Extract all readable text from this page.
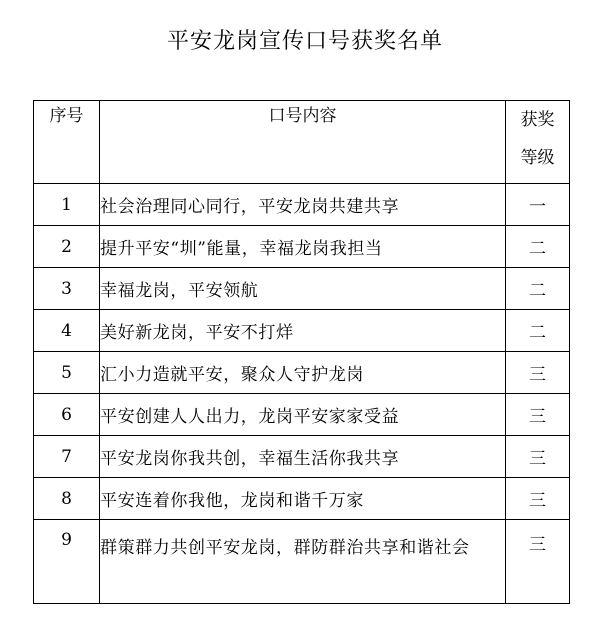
平安龙岗宣传口号获奖名单
序号	口号内容	获奖
等级

1	社会治理同心同行，平安龙岗共建共享	一
2	提升平安“圳”能量，幸福龙岗我担当	二
3	幸福龙岗，平安领航	二
4	美好新龙岗，平安不打烊	二
5	汇小力造就平安，聚众人守护龙岗	三
6	平安创建人人出力，龙岗平安家家受益	三
7	平安龙岗你我共创，幸福生活你我共享	三
8	平安连着你我他，龙岗和谐千万家	三
9	群策群力共创平安龙岗，群防群治共享和谐社会	三
